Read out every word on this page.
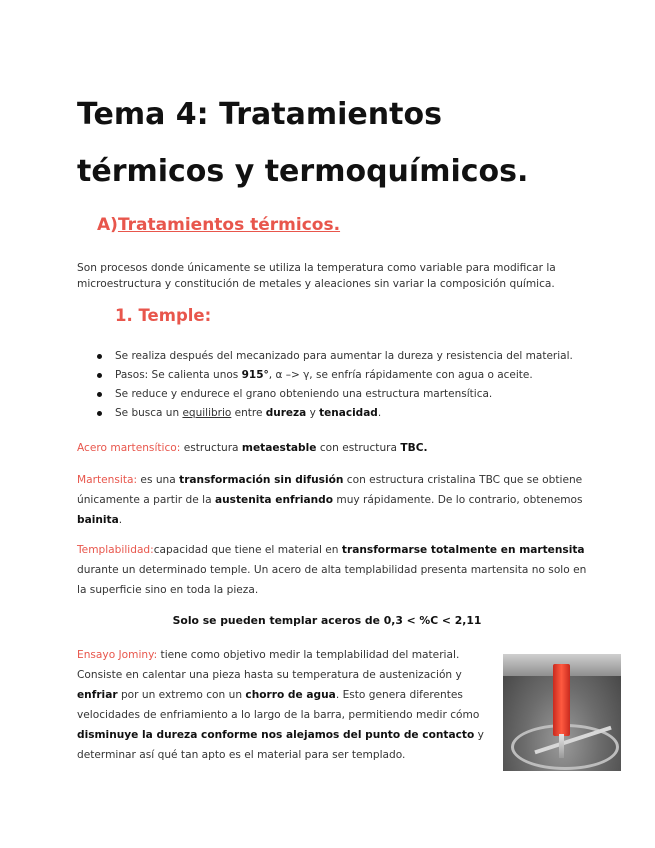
Tema 4: Tratamientos
térmicos y termoquímicos.
A)Tratamientos térmicos.

Son procesos donde únicamente se utiliza la temperatura como variable para modificar la microestructura y constitución de metales y aleaciones sin variar la composición química.

1. Temple:
Se realiza después del mecanizado para aumentar la dureza y resistencia del material.
Pasos: Se calienta unos 915°, α –> γ, se enfría rápidamente con agua o aceite.
Se reduce y endurece el grano obteniendo una estructura martensítica.
Se busca un equilibrio entre dureza y tenacidad.

Acero martensítico: estructura metaestable con estructura TBC.

Martensita: es una transformación sin difusión con estructura cristalina TBC que se obtiene únicamente a partir de la austenita enfriando muy rápidamente. De lo contrario, obtenemos bainita.

Templabilidad:capacidad que tiene el material en transformarse totalmente en martensita durante un determinado temple. Un acero de alta templabilidad presenta martensita no solo en la superficie sino en toda la pieza.

Solo se pueden templar aceros de 0,3 < %C < 2,11

Ensayo Jominy: tiene como objetivo medir la templabilidad del material. Consiste en calentar una pieza hasta su temperatura de austenización y enfriar por un extremo con un chorro de agua. Esto genera diferentes velocidades de enfriamiento a lo largo de la barra, permitiendo medir cómo disminuye la dureza conforme nos alejamos del punto de contacto y determinar así qué tan apto es el material para ser templado.
